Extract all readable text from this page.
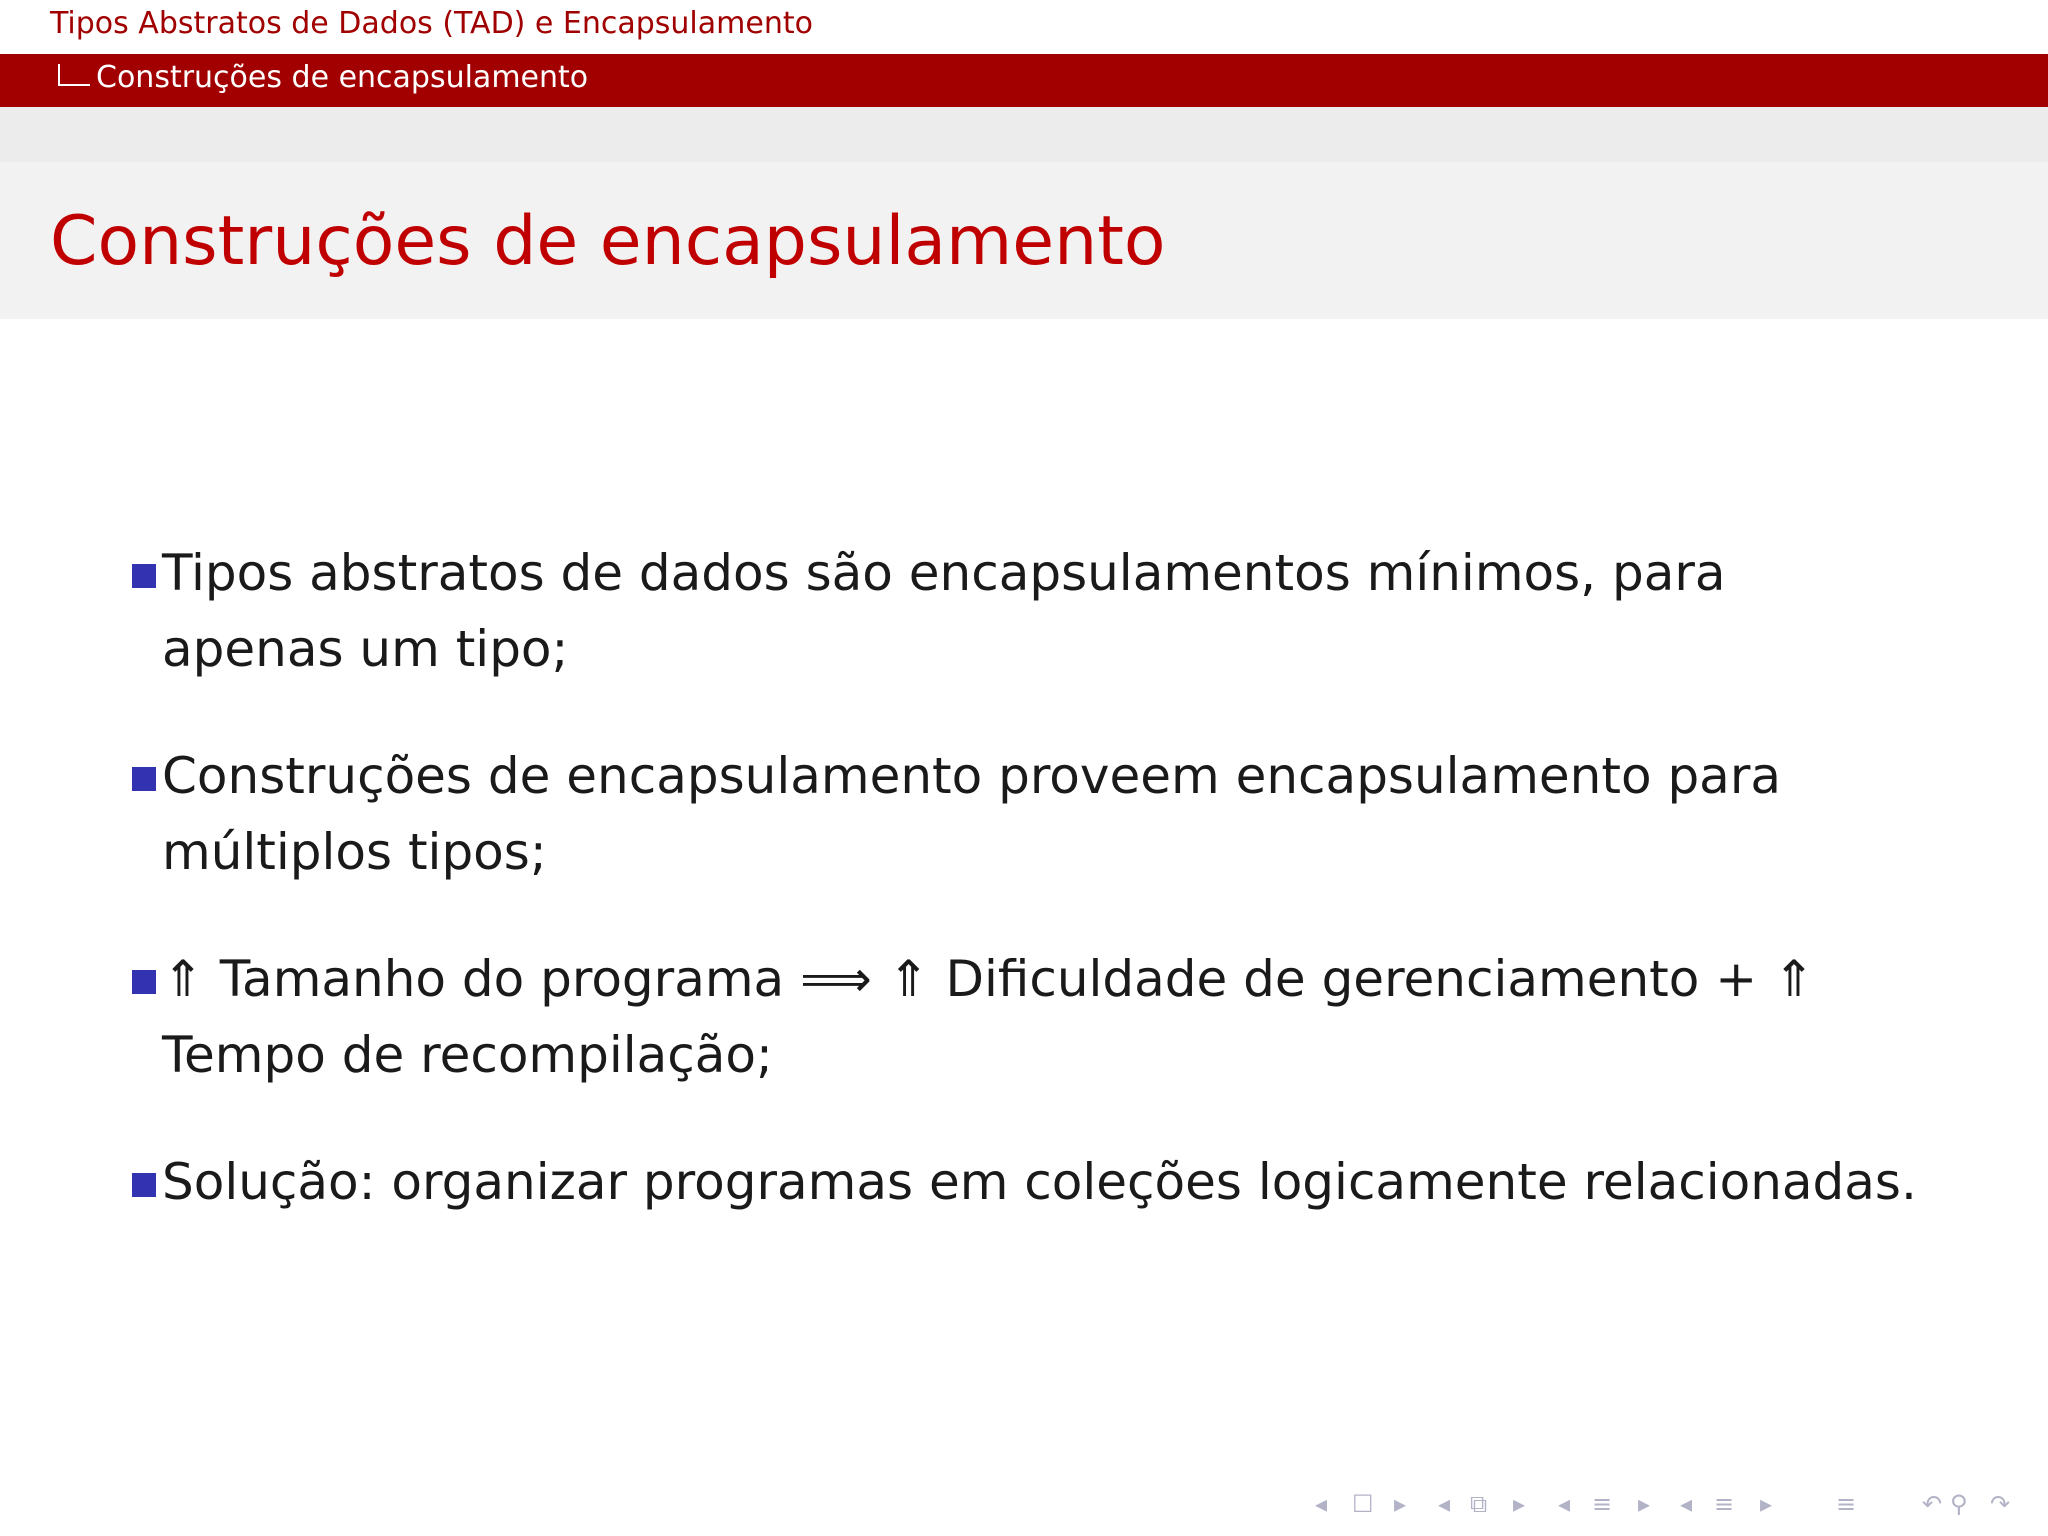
Tipos Abstratos de Dados (TAD) e Encapsulamento
Construções de encapsulamento
Construções de encapsulamento
Tipos abstratos de dados são encapsulamentos mínimos, para apenas um tipo;
Construções de encapsulamento proveem encapsulamento para múltiplos tipos;
⇑ Tamanho do programa ⟹ ⇑ Dificuldade de gerenciamento + ⇑ Tempo de recompilação;
Solução: organizar programas em coleções logicamente relacionadas.
◂ ☐ ▸ ◂ ⧉ ▸ ◂ ≡ ▸ ◂ ≡ ▸	≡	↶ ⚲ ↷
